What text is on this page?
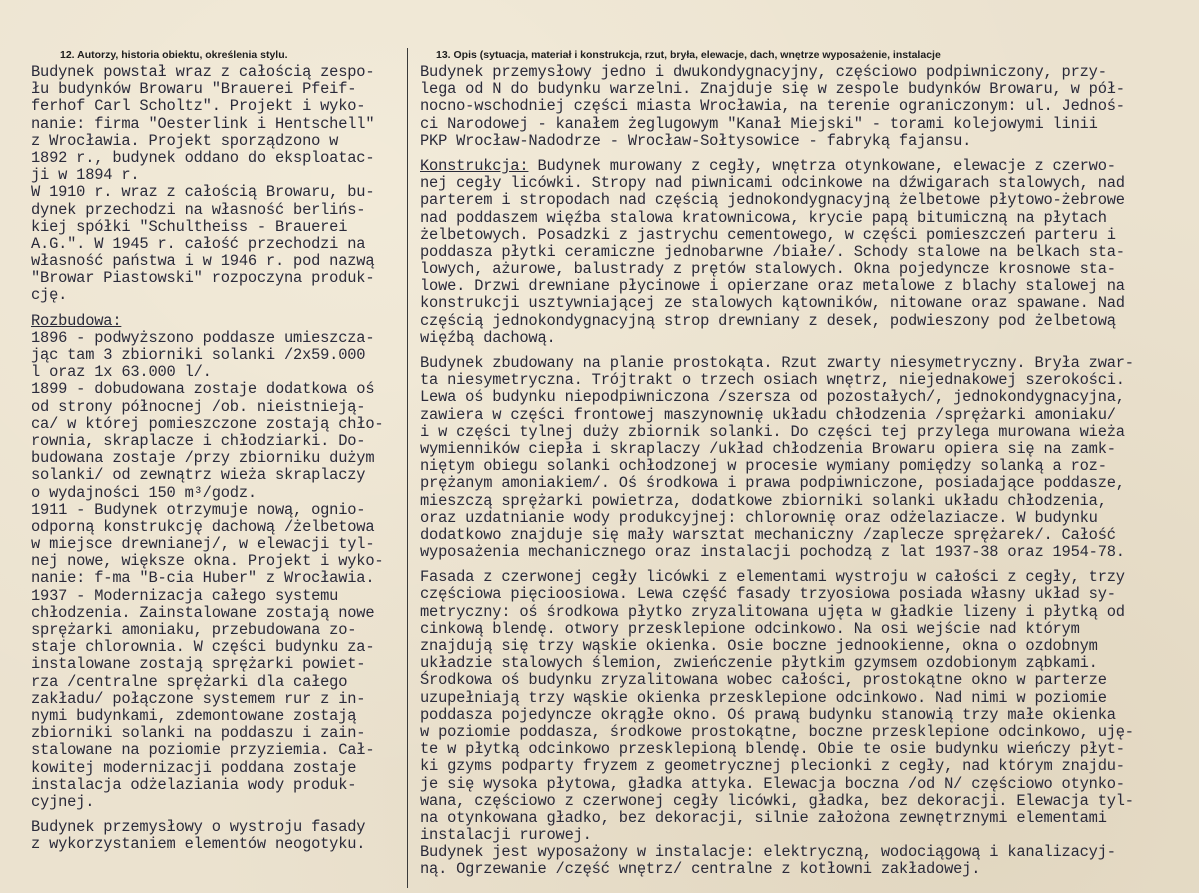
12. Autorzy, historia obiektu, określenia stylu.	13. Opis (sytuacja, materiał i konstrukcja, rzut, bryła, elewacje, dach, wnętrze wyposażenie, instalacje
Budynek powstał wraz z całością zespo-
łu budynków Browaru "Brauerei Pfeif-
ferhof Carl Scholtz". Projekt i wyko-
nanie: firma "Oesterlink i Hentschell"
z Wrocławia. Projekt sporządzono w
1892 r., budynek oddano do eksploatac-
ji w 1894 r.
W 1910 r. wraz z całością Browaru, bu-
dynek przechodzi na własność berlińs-
kiej spółki "Schultheiss - Brauerei
A.G.". W 1945 r. całość przechodzi na
własność państwa i w 1946 r. pod nazwą
"Browar Piastowski" rozpoczyna produk-
cję.
Rozbudowa:
1896 - podwyższono poddasze umieszcza-
jąc tam 3 zbiorniki solanki /2x59.000
l oraz 1x 63.000 l/.
1899 - dobudowana zostaje dodatkowa oś
od strony północnej /ob. nieistnieją-
ca/ w której pomieszczone zostają chło-
rownia, skraplacze i chłodziarki. Do-
budowana zostaje /przy zbiorniku dużym
solanki/ od zewnątrz wieża skraplaczy
o wydajności 150 m³/godz.
1911 - Budynek otrzymuje nową, ognio-
odporną konstrukcję dachową /żelbetowa
w miejsce drewnianej/, w elewacji tyl-
nej nowe, większe okna. Projekt i wyko-
nanie: f-ma "B-cia Huber" z Wrocławia.
1937 - Modernizacja całego systemu
chłodzenia. Zainstalowane zostają nowe
sprężarki amoniaku, przebudowana zo-
staje chlorownia. W części budynku za-
instalowane zostają sprężarki powiet-
rza /centralne sprężarki dla całego
zakładu/ połączone systemem rur z in-
nymi budynkami, zdemontowane zostają
zbiorniki solanki na poddaszu i zain-
stalowane na poziomie przyziemia. Cał-
kowitej modernizacji poddana zostaje
instalacja odżelaziania wody produk-
cyjnej.
Budynek przemysłowy o wystroju fasady
z wykorzystaniem elementów neogotyku.
Budynek przemysłowy jedno i dwukondygnacyjny, częściowo podpiwniczony, przy-
lega od N do budynku warzelni. Znajduje się w zespole budynków Browaru, w pół-
nocno-wschodniej części miasta Wrocławia, na terenie ograniczonym: ul. Jednoś-
ci Narodowej - kanałem żeglugowym "Kanał Miejski" - torami kolejowymi linii
PKP Wrocław-Nadodrze - Wrocław-Sołtysowice - fabryką fajansu.
Konstrukcja: Budynek murowany z cegły, wnętrza otynkowane, elewacje z czerwo-
nej cegły licówki. Stropy nad piwnicami odcinkowe na dźwigarach stalowych, nad
parterem i stropodach nad częścią jednokondygnacyjną żelbetowe płytowo-żebrowe
nad poddaszem więźba stalowa kratownicowa, krycie papą bitumiczną na płytach
żelbetowych. Posadzki z jastrychu cementowego, w części pomieszczeń parteru i
poddasza płytki ceramiczne jednobarwne /białe/. Schody stalowe na belkach sta-
lowych, ażurowe, balustrady z prętów stalowych. Okna pojedyncze krosnowe sta-
lowe. Drzwi drewniane płycinowe i opierzane oraz metalowe z blachy stalowej na
konstrukcji usztywniającej ze stalowych kątowników, nitowane oraz spawane. Nad
częścią jednokondygnacyjną strop drewniany z desek, podwieszony pod żelbetową
więźbą dachową.
Budynek zbudowany na planie prostokąta. Rzut zwarty niesymetryczny. Bryła zwar-
ta niesymetryczna. Trójtrakt o trzech osiach wnętrz, niejednakowej szerokości.
Lewa oś budynku niepodpiwniczona /szersza od pozostałych/, jednokondygnacyjna,
zawiera w części frontowej maszynownię układu chłodzenia /sprężarki amoniaku/
i w części tylnej duży zbiornik solanki. Do części tej przylega murowana wieża
wymienników ciepła i skraplaczy /układ chłodzenia Browaru opiera się na zamk-
niętym obiegu solanki ochłodzonej w procesie wymiany pomiędzy solanką a roz-
prężanym amoniakiem/. Oś środkowa i prawa podpiwniczone, posiadające poddasze,
mieszczą sprężarki powietrza, dodatkowe zbiorniki solanki układu chłodzenia,
oraz uzdatnianie wody produkcyjnej: chlorownię oraz odżelaziacze. W budynku
dodatkowo znajduje się mały warsztat mechaniczny /zaplecze sprężarek/. Całość
wyposażenia mechanicznego oraz instalacji pochodzą z lat 1937-38 oraz 1954-78.
Fasada z czerwonej cegły licówki z elementami wystroju w całości z cegły, trzy
częściowa pięcioosiowa. Lewa część fasady trzyosiowa posiada własny układ sy-
metryczny: oś środkowa płytko zryzalitowana ujęta w gładkie lizeny i płytką od
cinkową blendę. otwory przesklepione odcinkowo. Na osi wejście nad którym
znajdują się trzy wąskie okienka. Osie boczne jednookienne, okna o ozdobnym
układzie stalowych ślemion, zwieńczenie płytkim gzymsem ozdobionym ząbkami.
Środkowa oś budynku zryzalitowana wobec całości, prostokątne okno w parterze
uzupełniają trzy wąskie okienka przesklepione odcinkowo. Nad nimi w poziomie
poddasza pojedyncze okrągłe okno. Oś prawą budynku stanowią trzy małe okienka
w poziomie poddasza, środkowe prostokątne, boczne przesklepione odcinkowo, uję-
te w płytką odcinkowo przesklepioną blendę. Obie te osie budynku wieńczy płyt-
ki gzyms podparty fryzem z geometrycznej plecionki z cegły, nad którym znajdu-
je się wysoka płytowa, gładka attyka. Elewacja boczna /od N/ częściowo otynko-
wana, częściowo z czerwonej cegły licówki, gładka, bez dekoracji. Elewacja tyl-
na otynkowana gładko, bez dekoracji, silnie założona zewnętrznymi elementami
instalacji rurowej.
Budynek jest wyposażony w instalacje: elektryczną, wodociągową i kanalizacyj-
ną. Ogrzewanie /część wnętrz/ centralne z kotłowni zakładowej.
